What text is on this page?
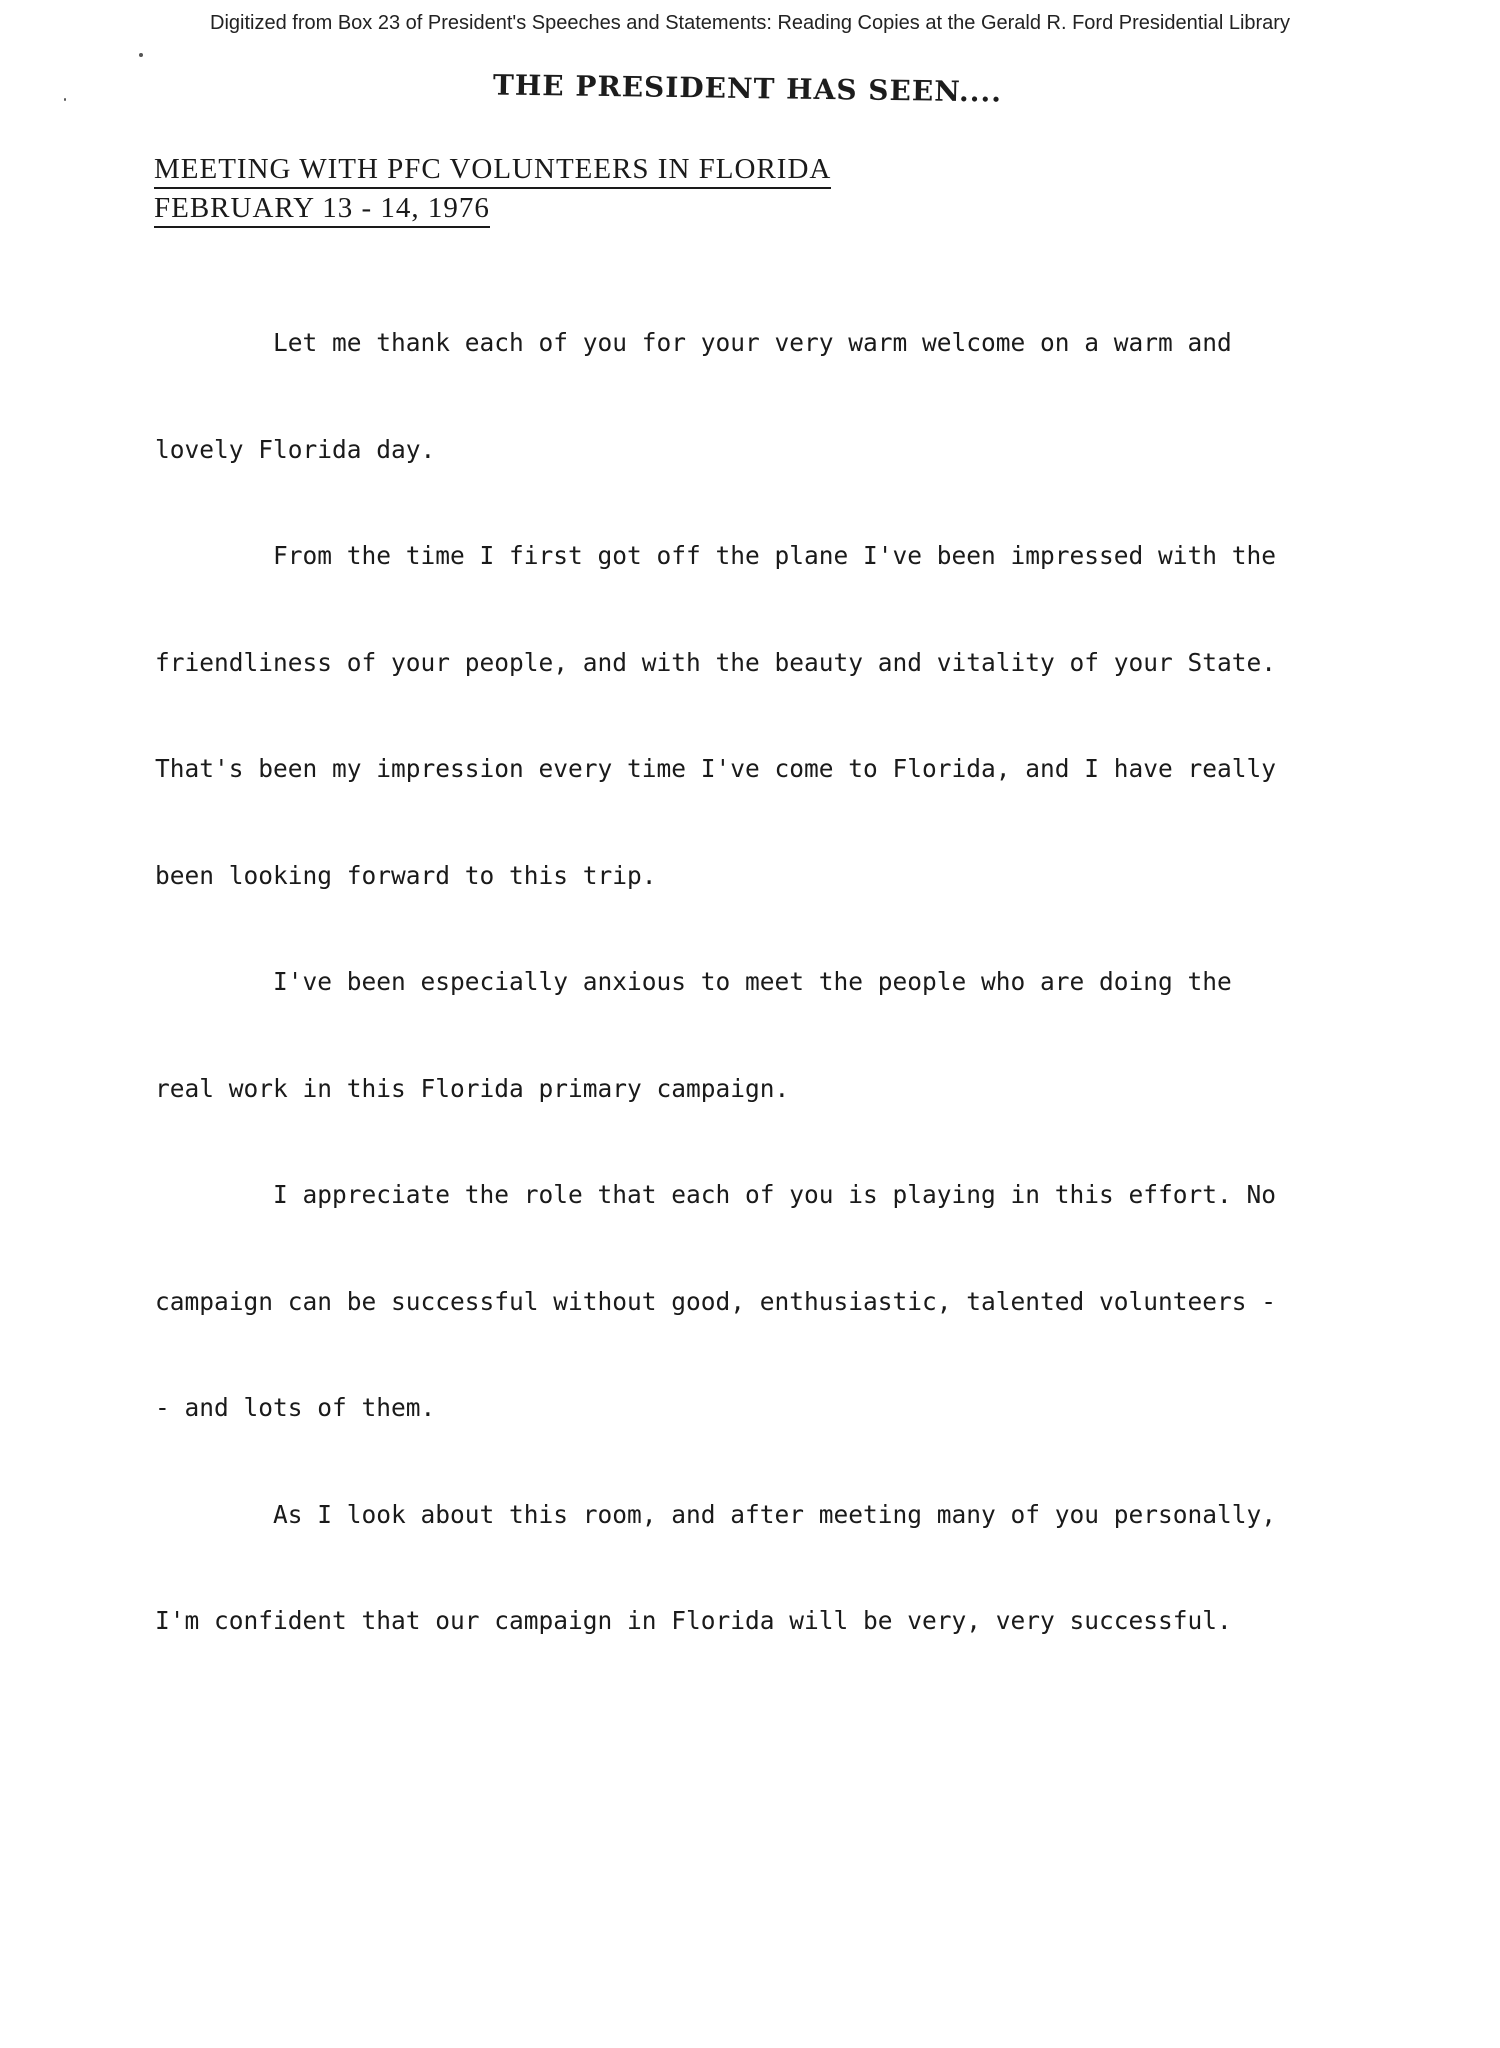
Digitized from Box 23 of President's Speeches and Statements: Reading Copies at the Gerald R. Ford Presidential Library
THE PRESIDENT HAS SEEN....
MEETING WITH PFC VOLUNTEERS IN FLORIDA
FEBRUARY 13 - 14, 1976

Let me thank each of you for your very warm welcome on a warm and lovely Florida day.

From the time I first got off the plane I've been impressed with the friendliness of your people, and with the beauty and vitality of your State. That's been my impression every time I've come to Florida, and I have really been looking forward to this trip.

I've been especially anxious to meet the people who are doing the real work in this Florida primary campaign.

I appreciate the role that each of you is playing in this effort. No campaign can be successful without good, enthusiastic, talented volunteers -- and lots of them.

As I look about this room, and after meeting many of you personally, I'm confident that our campaign in Florida will be very, very successful.
